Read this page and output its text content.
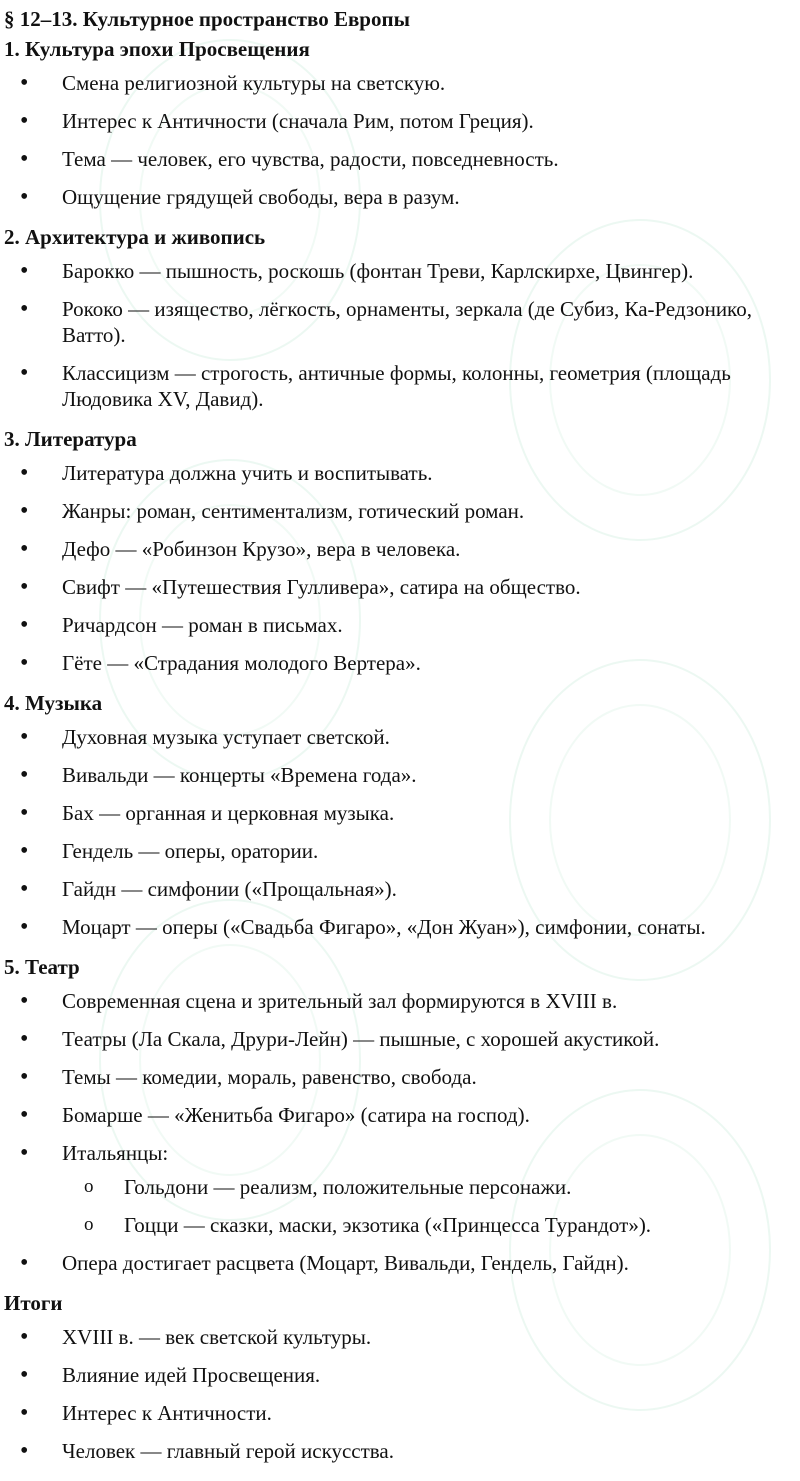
§ 12–13. Культурное пространство Европы
1. Культура эпохи Просвещения
• Смена религиозной культуры на светскую.
• Интерес к Античности (сначала Рим, потом Греция).
• Тема — человек, его чувства, радости, повседневность.
• Ощущение грядущей свободы, вера в разум.
2. Архитектура и живопись
• Барокко — пышность, роскошь (фонтан Треви, Карлскирхе, Цвингер).
• Рококо — изящество, лёгкость, орнаменты, зеркала (де Субиз, Ка-Редзонико, Ватто).
• Классицизм — строгость, античные формы, колонны, геометрия (площадь Людовика XV, Давид).
3. Литература
• Литература должна учить и воспитывать.
• Жанры: роман, сентиментализм, готический роман.
• Дефо — «Робинзон Крузо», вера в человека.
• Свифт — «Путешествия Гулливера», сатира на общество.
• Ричардсон — роман в письмах.
• Гёте — «Страдания молодого Вертера».
4. Музыка
• Духовная музыка уступает светской.
• Вивальди — концерты «Времена года».
• Бах — органная и церковная музыка.
• Гендель — оперы, оратории.
• Гайдн — симфонии («Прощальная»).
• Моцарт — оперы («Свадьба Фигаро», «Дон Жуан»), симфонии, сонаты.
5. Театр
• Современная сцена и зрительный зал формируются в XVIII в.
• Театры (Ла Скала, Друри-Лейн) — пышные, с хорошей акустикой.
• Темы — комедии, мораль, равенство, свобода.
• Бомарше — «Женитьба Фигаро» (сатира на господ).
• Итальянцы:
o Гольдони — реализм, положительные персонажи.
o Гоцци — сказки, маски, экзотика («Принцесса Турандот»).
• Опера достигает расцвета (Моцарт, Вивальди, Гендель, Гайдн).
Итоги
• XVIII в. — век светской культуры.
• Влияние идей Просвещения.
• Интерес к Античности.
• Человек — главный герой искусства.
